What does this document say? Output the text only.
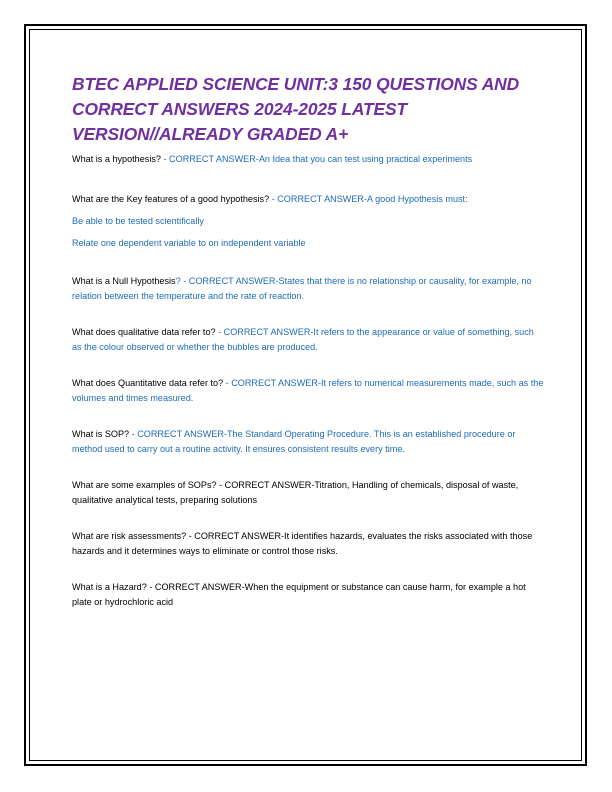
BTEC APPLIED SCIENCE UNIT:3 150 QUESTIONS AND CORRECT ANSWERS 2024-2025 LATEST VERSION//ALREADY GRADED A+

What is a hypothesis? - CORRECT ANSWER-An Idea that you can test using practical experiments

What are the Key features of a good hypothesis? - CORRECT ANSWER-A good Hypothesis must:

Be able to be tested scientifically

Relate one dependent variable to on independent variable

What is a Null Hypothesis? - CORRECT ANSWER-States that there is no relationship or causality, for example, no relation between the temperature and the rate of reaction.

What does qualitative data refer to? - CORRECT ANSWER-It refers to the appearance or value of something, such as the colour observed or whether the bubbles are produced.

What does Quantitative data refer to? - CORRECT ANSWER-It refers to numerical measurements made, such as the volumes and times measured.

What is SOP? - CORRECT ANSWER-The Standard Operating Procedure. This is an established procedure or method used to carry out a routine activity. It ensures consistent results every time.

What are some examples of SOPs? - CORRECT ANSWER-Titration, Handling of chemicals, disposal of waste, qualitative analytical tests, preparing solutions

What are risk assessments? - CORRECT ANSWER-It identifies hazards, evaluates the risks associated with those hazards and it determines ways to eliminate or control those risks.

What is a Hazard? - CORRECT ANSWER-When the equipment or substance can cause harm, for example a hot plate or hydrochloric acid
